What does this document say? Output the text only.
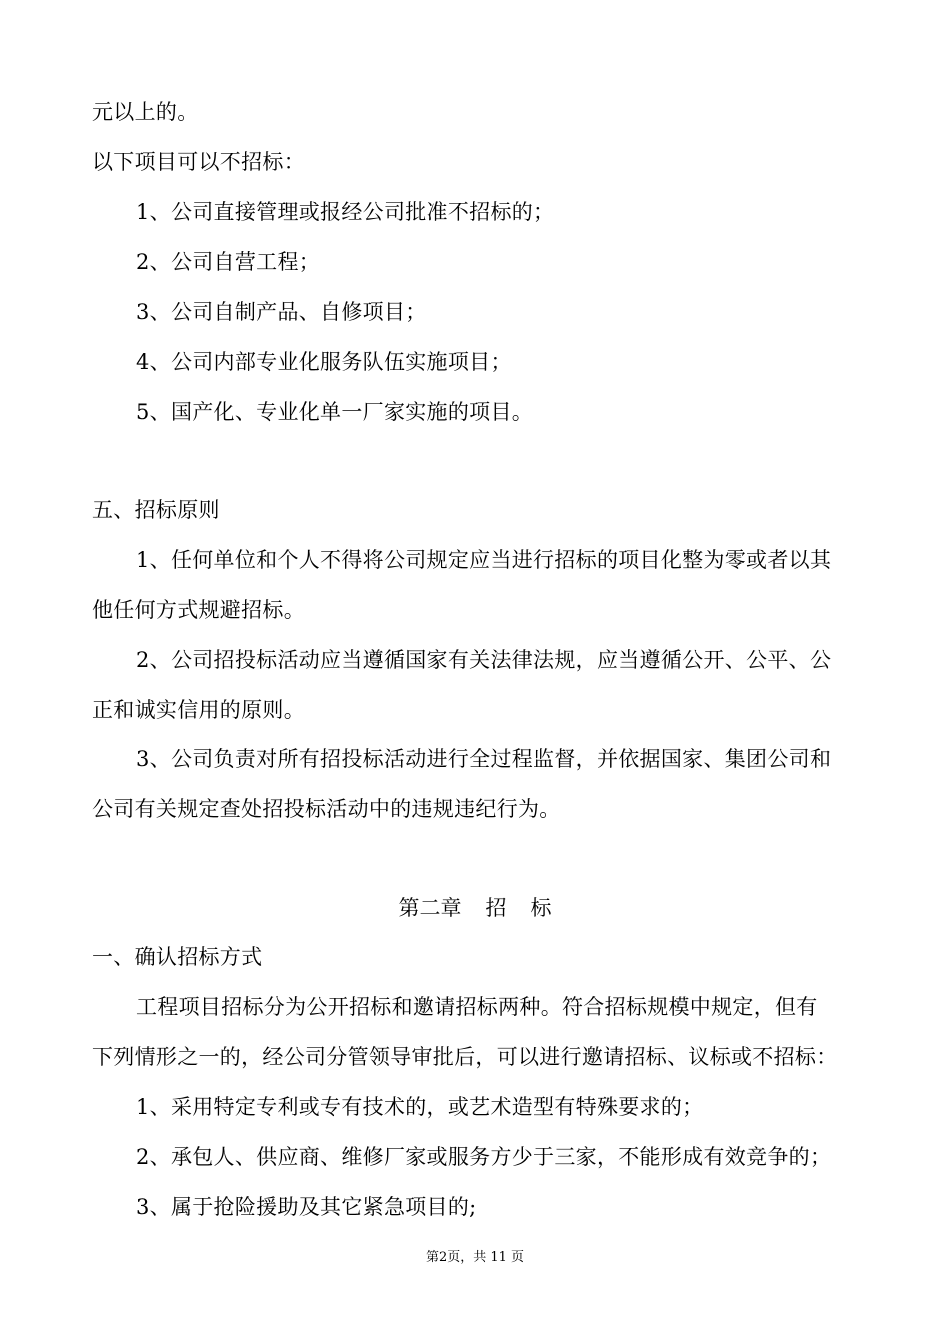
元以上的。
以下项目可以不招标：
1、公司直接管理或报经公司批准不招标的；
2、公司自营工程；
3、公司自制产品、自修项目；
4、公司内部专业化服务队伍实施项目；
5、国产化、专业化单一厂家实施的项目。
五、招标原则
1、任何单位和个人不得将公司规定应当进行招标的项目化整为零或者以其
他任何方式规避招标。
2、公司招投标活动应当遵循国家有关法律法规，应当遵循公开、公平、公
正和诚实信用的原则。
3、公司负责对所有招投标活动进行全过程监督，并依据国家、集团公司和
公司有关规定查处招投标活动中的违规违纪行为。
第二章 招 标
一、确认招标方式
工程项目招标分为公开招标和邀请招标两种。符合招标规模中规定，但有
下列情形之一的，经公司分管领导审批后，可以进行邀请招标、议标或不招标：
1、采用特定专利或专有技术的，或艺术造型有特殊要求的；
2、承包人、供应商、维修厂家或服务方少于三家，不能形成有效竞争的；
3、属于抢险援助及其它紧急项目的;
第2页，共 11 页
